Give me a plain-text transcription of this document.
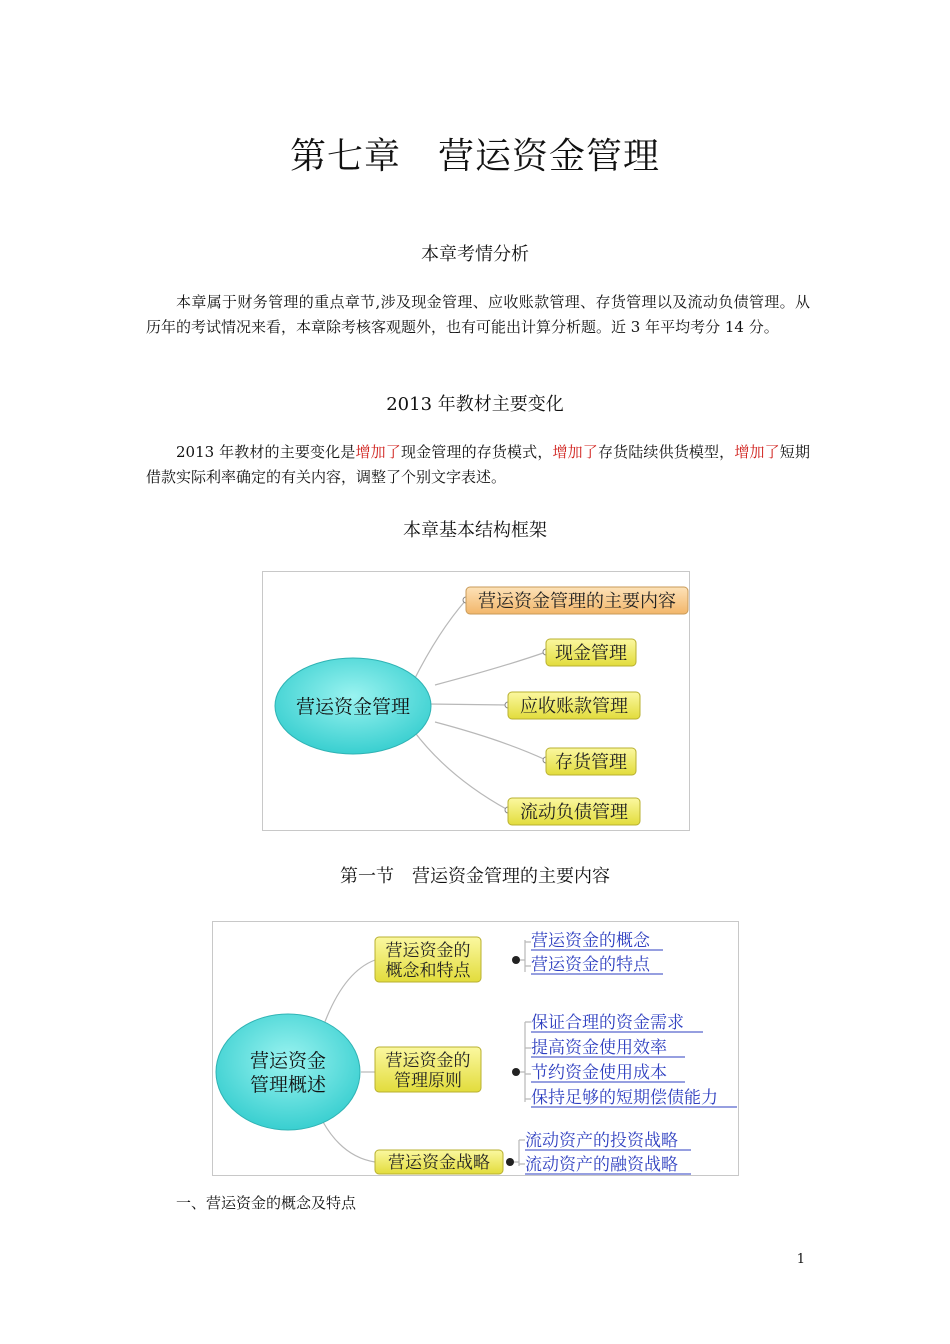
第七章　营运资金管理
本章考情分析
本章属于财务管理的重点章节,涉及现金管理、应收账款管理、存货管理以及流动负债管理。从历年的考试情况来看，本章除考核客观题外，也有可能出计算分析题。近 3 年平均考分 14 分。
2013 年教材主要变化
2013 年教材的主要变化是增加了现金管理的存货模式，增加了存货陆续供货模型，增加了短期借款实际利率确定的有关内容，调整了个别文字表述。
本章基本结构框架
营运资金管理
营运资金管理的主要内容
现金管理
应收账款管理
存货管理
流动负债管理
第一节　营运资金管理的主要内容
营运资金
管理概述
营运资金的
概念和特点
营运资金的概念
营运资金的特点
营运资金的
管理原则
保证合理的资金需求
提高资金使用效率
节约资金使用成本
保持足够的短期偿债能力
营运资金战略
流动资产的投资战略
流动资产的融资战略
一、营运资金的概念及特点
1
